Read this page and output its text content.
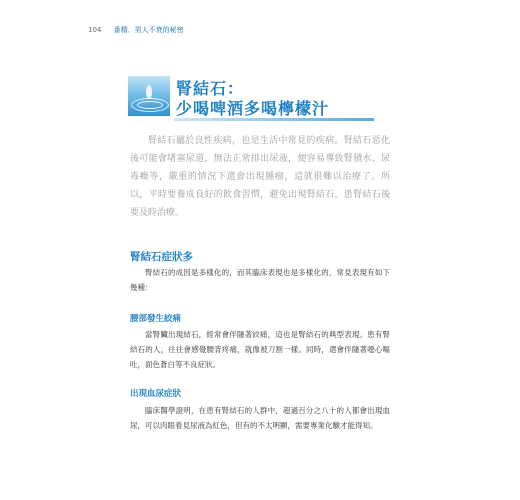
104 番精．男人不衰的秘密
腎結石：
少喝啤酒多喝檸檬汁

腎結石屬於良性疾病，也是生活中常見的疾病。腎結石惡化後可能會堵塞尿道，無法正常排出尿液，便容易導致腎積水、尿毒癥等，嚴重的情況下還會出現腫瘤，這就很難以治療了。所以，平時要養成良好的飲食習慣，避免出現腎結石，患腎結石後要及時治療。

腎結石症狀多

腎結石的成因是多樣化的，而其臨床表現也是多樣化的，常見表現有如下幾種：

腰部發生絞痛

當腎臟出現結石，經常會伴隨著絞痛，這也是腎結石的典型表現。患有腎結石的人，往往會感覺腰背疼痛，就像被刀割一樣。同時，還會伴隨著噁心嘔吐，面色蒼白等不良症狀。

出現血尿症狀

臨床醫學證明，在患有腎結石的人群中，超過百分之八十的人都會出現血尿，可以肉眼看見尿液為紅色，但有的不太明顯，需要專業化驗才能得知。
